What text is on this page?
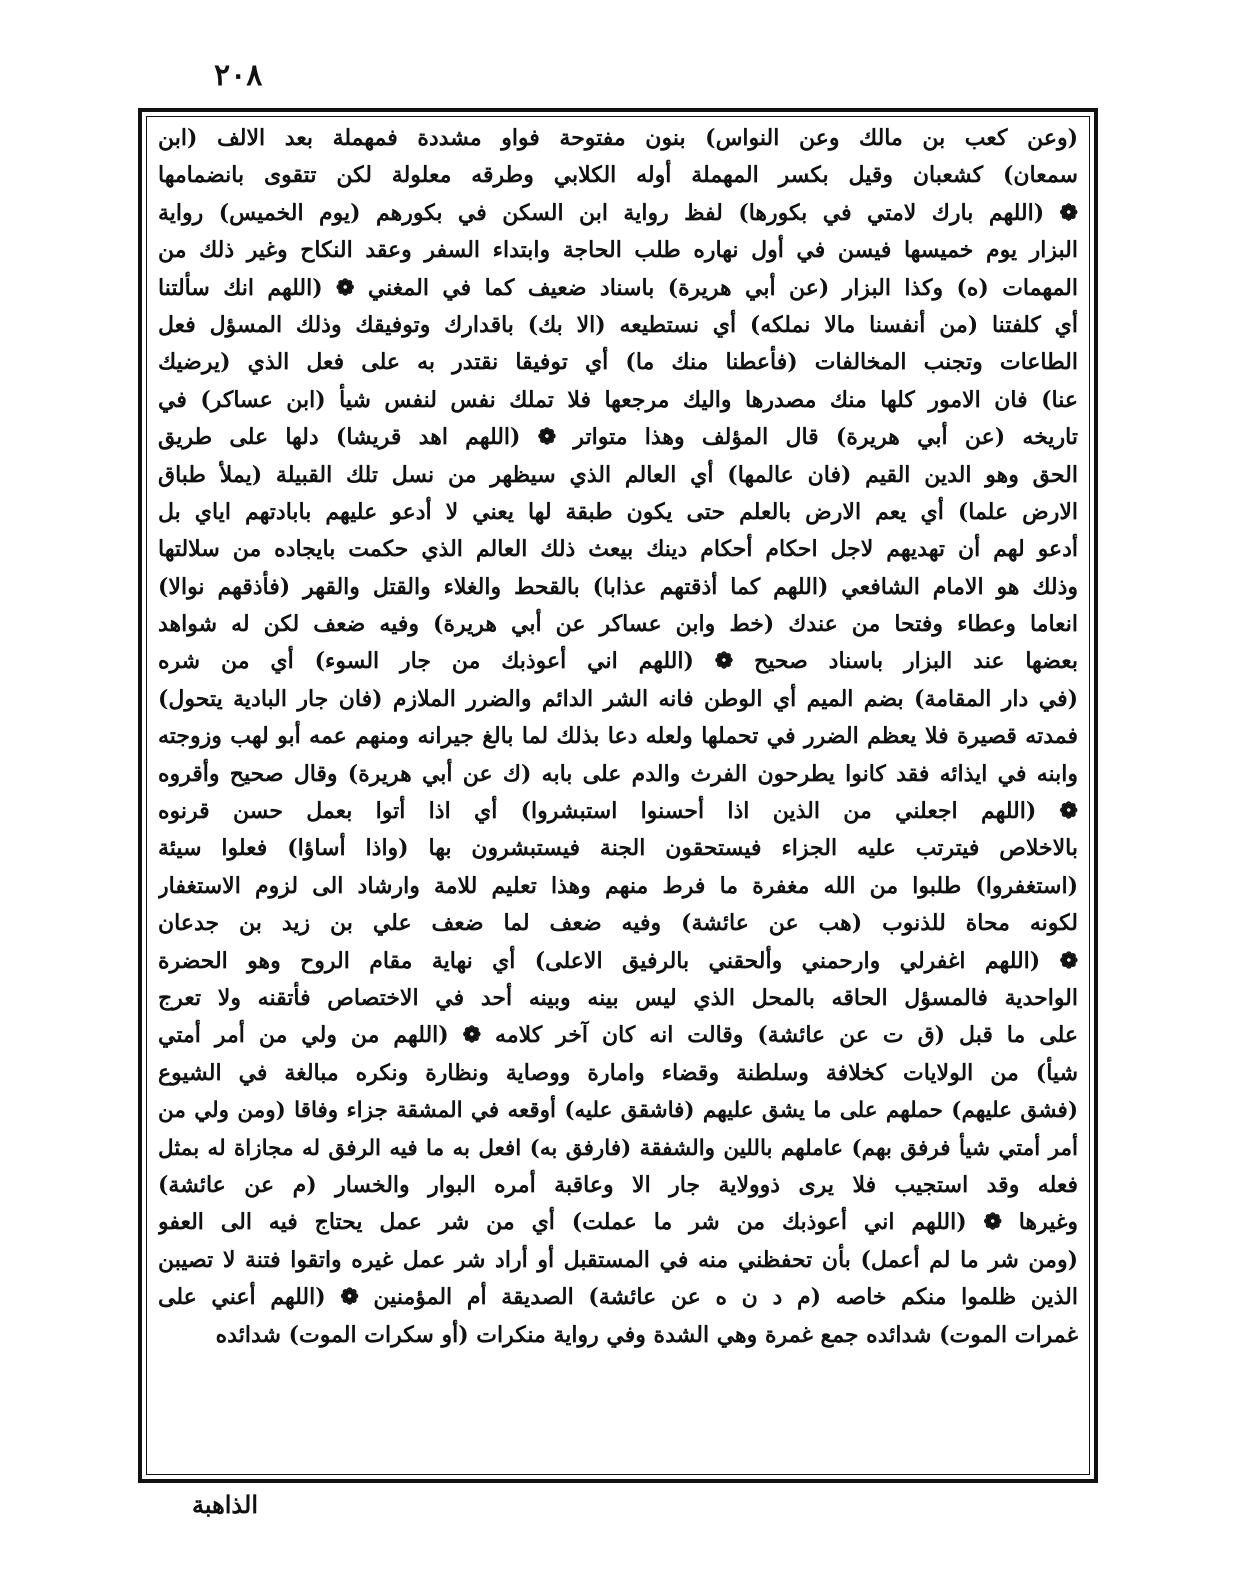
٢٠٨
(وعن كعب بن مالك وعن النواس) بنون مفتوحة فواو مشددة فمهملة بعد الالف (ابن
سمعان) كشعبان وقيل بكسر المهملة أوله الكلابي وطرقه معلولة لكن تتقوى بانضمامها
❁ (اللهم بارك لامتي في بكورها) لفظ رواية ابن السكن في بكورهم (يوم الخميس) رواية
البزار يوم خميسها فيسن في أول نهاره طلب الحاجة وابتداء السفر وعقد النكاح وغير ذلك من
المهمات (ه) وكذا البزار (عن أبي هريرة) باسناد ضعيف كما في المغني ❁ (اللهم انك سألتنا
أي كلفتنا (من أنفسنا مالا نملكه) أي نستطيعه (الا بك) باقدارك وتوفيقك وذلك المسؤل فعل
الطاعات وتجنب المخالفات (فأعطنا منك ما) أي توفيقا نقتدر به على فعل الذي (يرضيك
عنا) فان الامور كلها منك مصدرها واليك مرجعها فلا تملك نفس لنفس شيأ (ابن عساكر) في
تاريخه (عن أبي هريرة) قال المؤلف وهذا متواتر ❁ (اللهم اهد قريشا) دلها على طريق
الحق وهو الدين القيم (فان عالمها) أي العالم الذي سيظهر من نسل تلك القبيلة (يملأ طباق
الارض علما) أي يعم الارض بالعلم حتى يكون طبقة لها يعني لا أدعو عليهم بابادتهم اياي بل
أدعو لهم أن تهديهم لاجل احكام أحكام دينك بيعث ذلك العالم الذي حكمت بايجاده من سلالتها
وذلك هو الامام الشافعي (اللهم كما أذقتهم عذابا) بالقحط والغلاء والقتل والقهر (فأذقهم نوالا)
انعاما وعطاء وفتحا من عندك (خط وابن عساكر عن أبي هريرة) وفيه ضعف لكن له شواهد
بعضها عند البزار باسناد صحيح ❁ (اللهم اني أعوذبك من جار السوء) أي من شره
(في دار المقامة) بضم الميم أي الوطن فانه الشر الدائم والضرر الملازم (فان جار البادية يتحول)
فمدته قصيرة فلا يعظم الضرر في تحملها ولعله دعا بذلك لما بالغ جيرانه ومنهم عمه أبو لهب وزوجته
وابنه في ايذائه فقد كانوا يطرحون الفرث والدم على بابه (ك عن أبي هريرة) وقال صحيح وأقروه
❁ (اللهم اجعلني من الذين اذا أحسنوا استبشروا) أي اذا أتوا بعمل حسن قرنوه
بالاخلاص فيترتب عليه الجزاء فيستحقون الجنة فيستبشرون بها (واذا أساؤا) فعلوا سيئة
(استغفروا) طلبوا من الله مغفرة ما فرط منهم وهذا تعليم للامة وارشاد الى لزوم الاستغفار
لكونه محاة للذنوب (هب عن عائشة) وفيه ضعف لما ضعف علي بن زيد بن جدعان
❁ (اللهم اغفرلي وارحمني وألحقني بالرفيق الاعلى) أي نهاية مقام الروح وهو الحضرة
الواحدية فالمسؤل الحاقه بالمحل الذي ليس بينه وبينه أحد في الاختصاص فأتقنه ولا تعرج
على ما قبل (ق ت عن عائشة) وقالت انه كان آخر كلامه ❁ (اللهم من ولي من أمر أمتي
شيأ) من الولايات كخلافة وسلطنة وقضاء وامارة ووصاية ونظارة ونكره مبالغة في الشيوع
(فشق عليهم) حملهم على ما يشق عليهم (فاشقق عليه) أوقعه في المشقة جزاء وفاقا (ومن ولي من
أمر أمتي شيأ فرفق بهم) عاملهم باللين والشفقة (فارفق به) افعل به ما فيه الرفق له مجازاة له بمثل
فعله وقد استجيب فلا يرى ذوولاية جار الا وعاقبة أمره البوار والخسار (م عن عائشة)
وغيرها ❁ (اللهم اني أعوذبك من شر ما عملت) أي من شر عمل يحتاج فيه الى العفو
(ومن شر ما لم أعمل) بأن تحفظني منه في المستقبل أو أراد شر عمل غيره واتقوا فتنة لا تصيبن
الذين ظلموا منكم خاصه (م د ن ه عن عائشة) الصديقة أم المؤمنين ❁ (اللهم أعني على
غمرات الموت) شدائده جمع غمرة وهي الشدة وفي رواية منكرات (أو سكرات الموت) شدائده
الذاهبة
